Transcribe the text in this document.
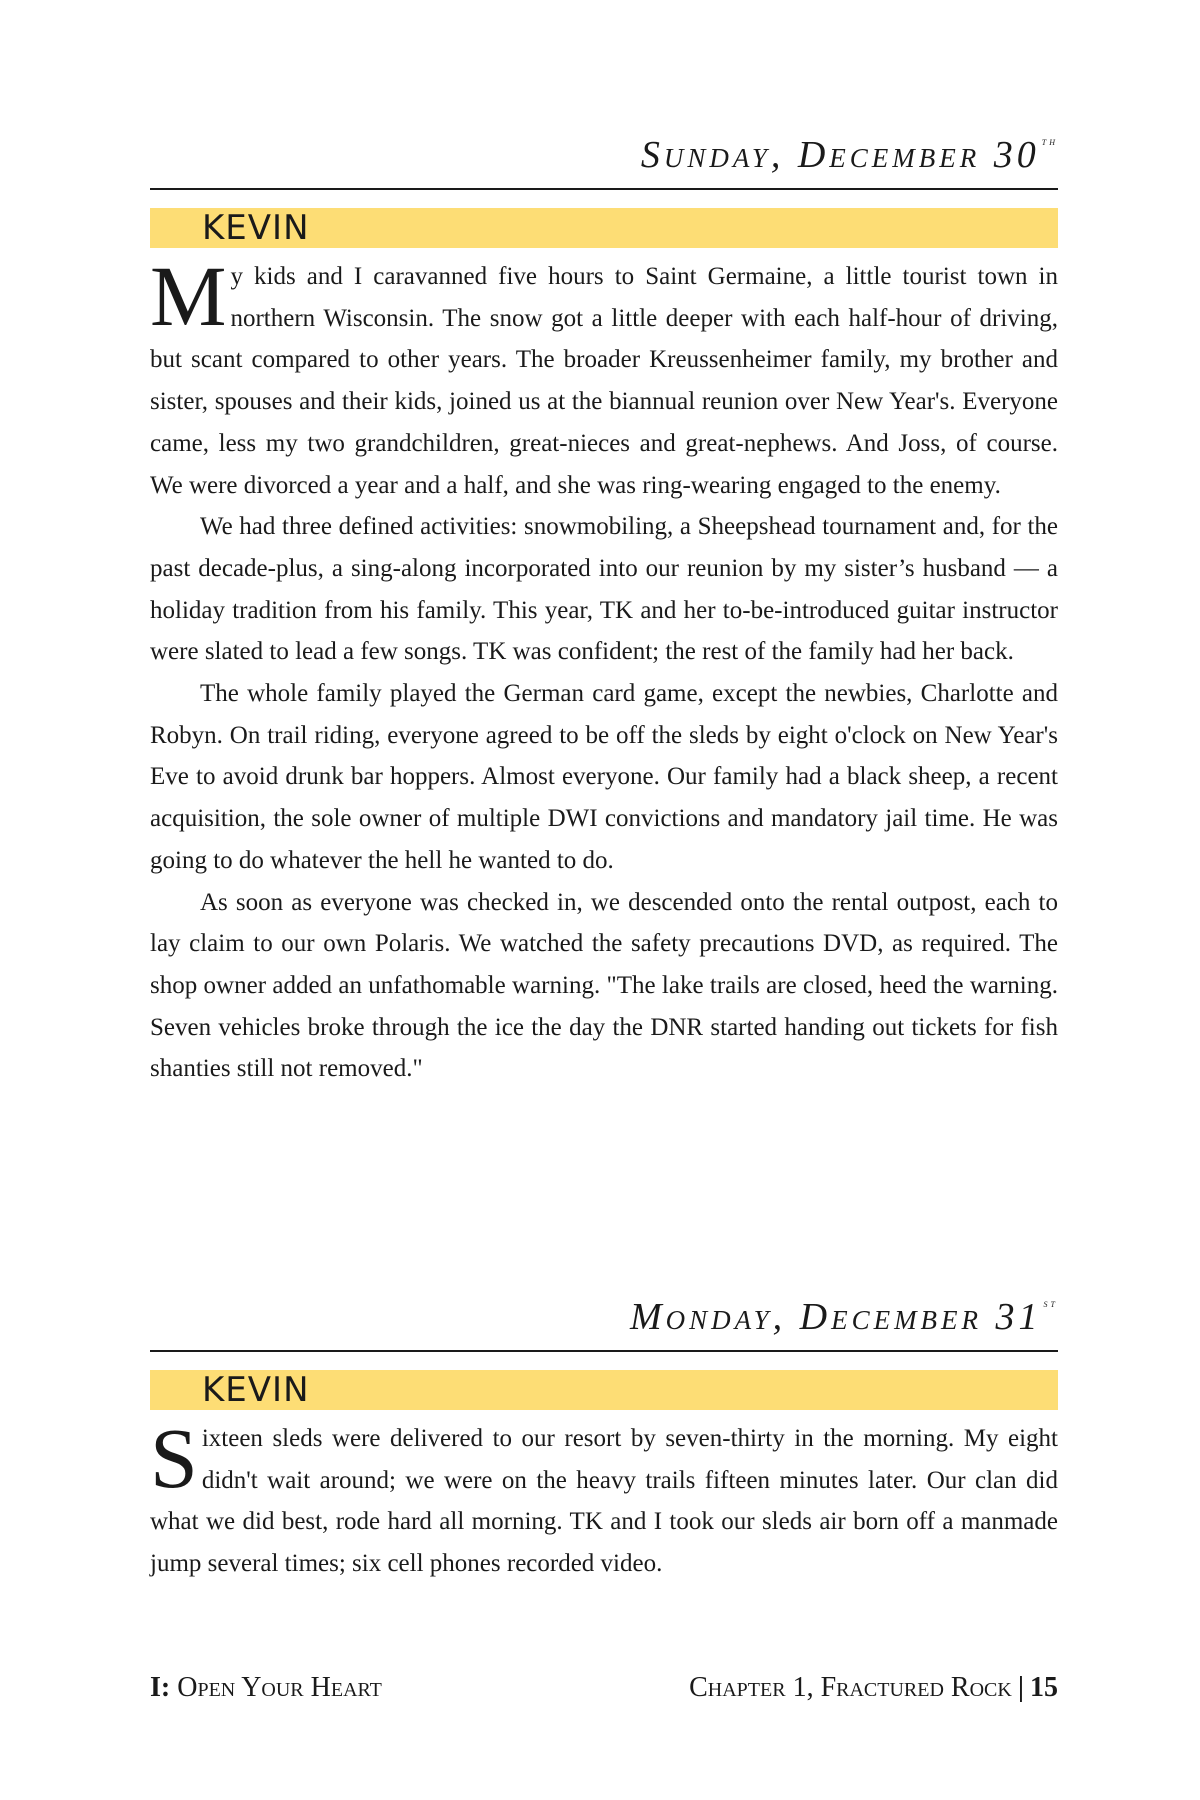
Sunday, December 30 $^{th}$
KEVIN

My kids and I caravanned five hours to Saint Germaine, a little tourist town in northern Wisconsin. The snow got a little deeper with each half-hour of driving, but scant compared to other years. The broader Kreussenheimer family, my brother and sister, spouses and their kids, joined us at the biannual reunion over New Year's. Everyone came, less my two grandchildren, great-nieces and great-nephews. And Joss, of course. We were divorced a year and a half, and she was ring-wearing engaged to the enemy.

We had three defined activities: snowmobiling, a Sheepshead tournament and, for the past decade-plus, a sing-along incorporated into our reunion by my sister’s husband — a holiday tradition from his family. This year, TK and her to-be-introduced guitar instructor were slated to lead a few songs. TK was confident; the rest of the family had her back.

The whole family played the German card game, except the newbies, Charlotte and Robyn. On trail riding, everyone agreed to be off the sleds by eight o'clock on New Year's Eve to avoid drunk bar hoppers. Almost everyone. Our family had a black sheep, a recent acquisition, the sole owner of multiple DWI convictions and mandatory jail time. He was going to do whatever the hell he wanted to do.

As soon as everyone was checked in, we descended onto the rental outpost, each to lay claim to our own Polaris. We watched the safety precautions DVD, as required. The shop owner added an unfathomable warning. "The lake trails are closed, heed the warning. Seven vehicles broke through the ice the day the DNR started handing out tickets for fish shanties still not removed."

Monday, December 31 $^{st}$
KEVIN

Sixteen sleds were delivered to our resort by seven-thirty in the morning. My eight didn't wait around; we were on the heavy trails fifteen minutes later. Our clan did what we did best, rode hard all morning. TK and I took our sleds air born off a manmade jump several times; six cell phones recorded video.

I: Open Your Heart	Chapter 1, Fractured Rock | 15
